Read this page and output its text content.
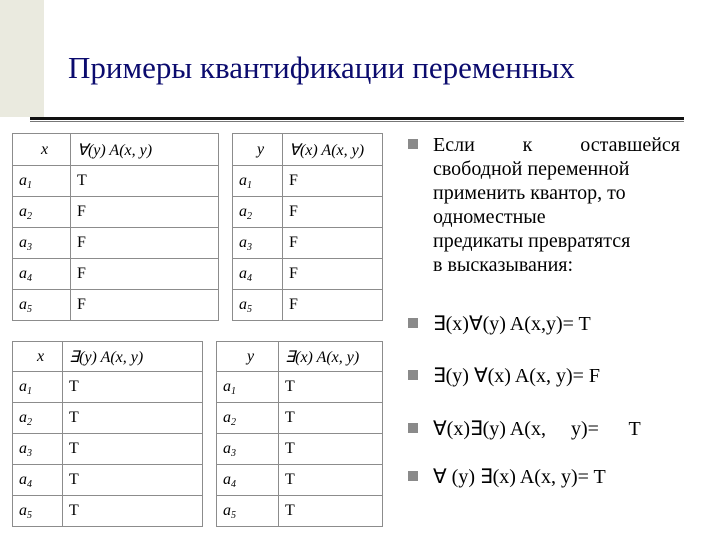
Примеры квантификации переменных
x	∀(y) A(x, y)		y	∀(x) A(x, y)
$a_1$	T		$a_1$	F
$a_2$	F		$a_2$	F
$a_3$	F		$a_3$	F
$a_4$	F		$a_4$	F
$a_5$	F		$a_5$	F
x	∃(y) A(x, y)		y	∃(x) A(x, y)
$a_1$	T		$a_1$	T
$a_2$	T		$a_2$	T
$a_3$	T		$a_3$	T
$a_4$	T		$a_4$	T
$a_5$	T		$a_5$	T
Если к оставшейся
свободной переменной
применить квантор, то
одноместные
предикаты превратятся
в высказывания:
∃(x)∀(y) A(x,y)= T
∃(y) ∀(x) A(x, y)= F
∀(x)∃(y) A(x,     y)=      T
∀ (y) ∃(x) A(x, y)= T
